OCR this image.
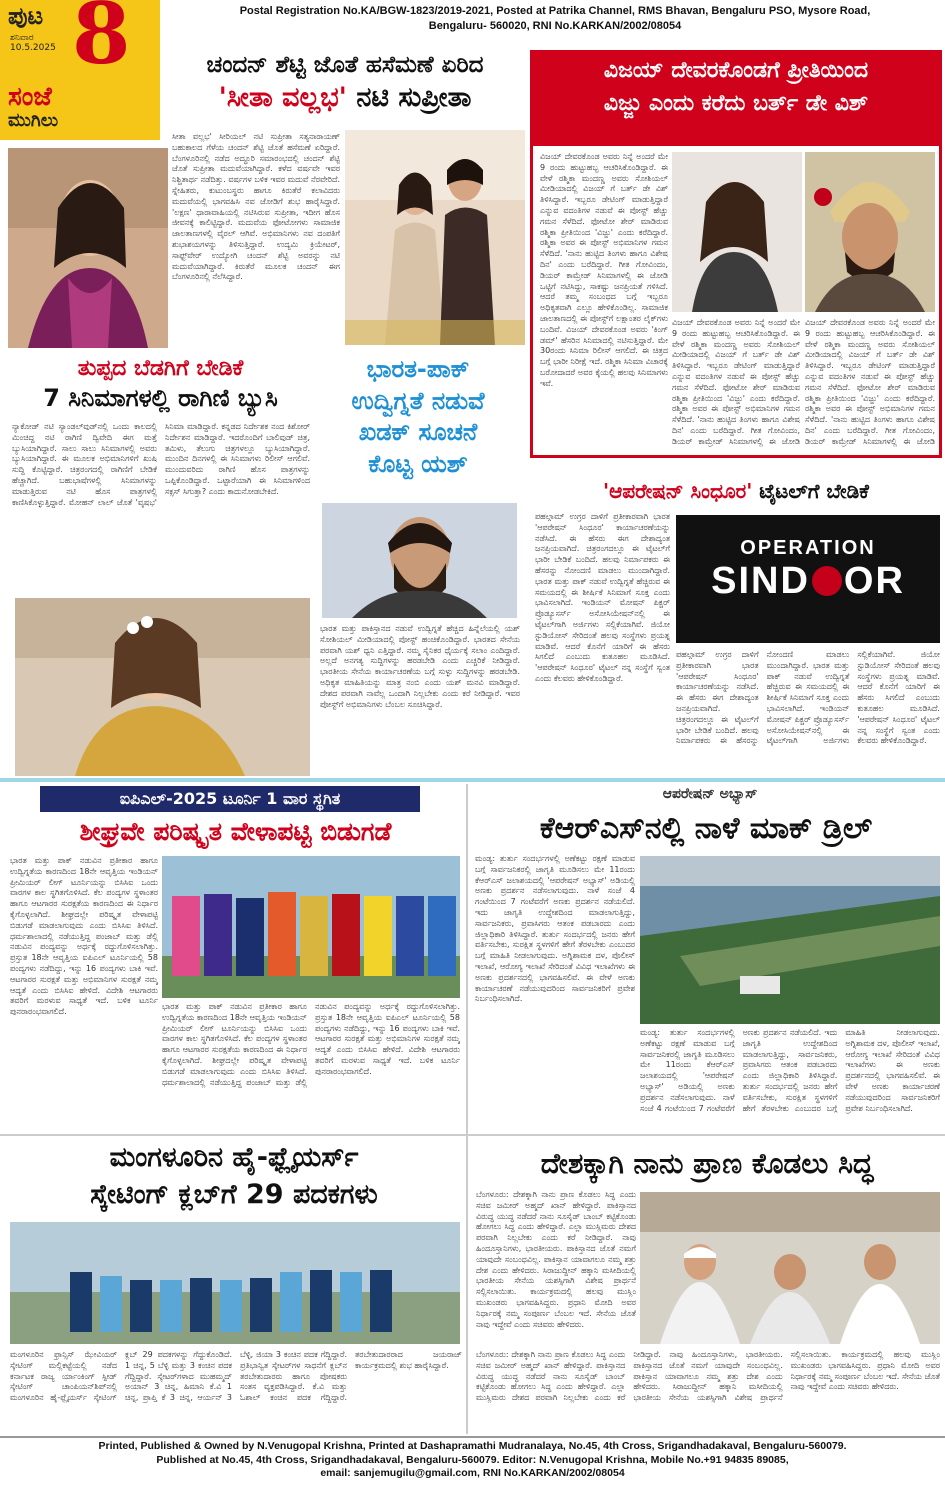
ಪುಟ 8
ಶನಿವಾರ
10.5.2025
ಸಂಜೆ
ಮುಗಿಲು
Postal Registration No.KA/BGW-1823/2019-2021, Posted at Patrika Channel, RMS Bhavan, Bengaluru PSO, Mysore Road,
Bengaluru- 560020, RNI No.KARKAN/2002/08054
ಚಂದನ್ ಶೆಟ್ಟಿ ಜೊತೆ ಹಸೆಮಣೆ ಏರಿದ
'ಸೀತಾ ವಲ್ಲಭ' ನಟಿ ಸುಪ್ರೀತಾ
ಸೀತಾ ವಲ್ಲಭ' ಸೀರಿಯಲ್ ನಟಿ ಸುಪ್ರೀತಾ ಸತ್ಯನಾರಾಯಣ್ ಬಹುಕಾಲದ ಗೆಳೆಯ ಚಂದನ್ ಶೆಟ್ಟಿ ಜೊತೆ ಹಸೆಮಣೆ ಏರಿದ್ದಾರೆ. ಬೆಂಗಳೂರಿನಲ್ಲಿ ನಡೆದ ಅದ್ಧೂರಿ ಸಮಾರಂಭದಲ್ಲಿ ಚಂದನ್ ಶೆಟ್ಟಿ ಜೊತೆ ಸುಪ್ರೀತಾ ಮದುವೆಯಾಗಿದ್ದಾರೆ. ಕಳೆದ ವರ್ಷವೇ ಇವರ ನಿಶ್ಚಿತಾರ್ಥ ನಡೆದಿತ್ತು. ವರ್ಷಗಳ ಬಳಿಕ ಇವರ ಮದುವೆ ನೆರವೇರಿದೆ. ಸ್ನೇಹಿತರು, ಕುಟುಂಬಸ್ಥರು ಹಾಗೂ ಕಿರುತೆರೆ ಕಲಾವಿದರು ಮದುವೆಯಲ್ಲಿ ಭಾಗವಹಿಸಿ ನವ ಜೋಡಿಗೆ ಶುಭ ಹಾರೈಸಿದ್ದಾರೆ. 'ಲಕ್ಷಣ' ಧಾರಾವಾಹಿಯಲ್ಲಿ ನಟಿಸಿರುವ ಸುಪ್ರೀತಾ, ಇದೀಗ ಹೊಸ ಜೀವನಕ್ಕೆ ಕಾಲಿಟ್ಟಿದ್ದಾರೆ. ಮದುವೆಯ ಫೋಟೋಗಳು ಸಾಮಾಜಿಕ ಜಾಲತಾಣಗಳಲ್ಲಿ ವೈರಲ್ ಆಗಿವೆ. ಅಭಿಮಾನಿಗಳು ನವ ದಂಪತಿಗೆ ಶುಭಾಶಯಗಳನ್ನು ತಿಳಿಸುತ್ತಿದ್ದಾರೆ. ಉದ್ಯಮಿ ಕ್ರಿಯೇಟರ್, ಸಾಫ್ಟ್‌ವೇರ್ ಉದ್ಯೋಗಿ ಚಂದನ್ ಶೆಟ್ಟಿ ಅವರನ್ನು ನಟಿ ಮದುವೆಯಾಗಿದ್ದಾರೆ. ಕಿರುತೆರೆ ಮೂಲಕ ಚಂದನ್ ಈಗ ಬೆಂಗಳೂರಿನಲ್ಲಿ ನೆಲೆಸಿದ್ದಾರೆ.
ವಿಜಯ್ ದೇವರಕೊಂಡಗೆ ಪ್ರೀತಿಯಿಂದ
ವಿಜ್ಜು ಎಂದು ಕರೆದು ಬರ್ತ್ ಡೇ ವಿಶ್
ವಿಜಯ್ ದೇವರಕೊಂಡ ಅವರು ನಿನ್ನೆ ಅಂದರೆ ಮೇ 9 ರಂದು ಹುಟ್ಟುಹಬ್ಬ ಆಚರಿಸಿಕೊಂಡಿದ್ದಾರೆ. ಈ ವೇಳೆ ರಶ್ಮಿಕಾ ಮಂದಣ್ಣ ಅವರು ಸೋಶಿಯಲ್ ಮೀಡಿಯಾದಲ್ಲಿ ವಿಜಯ್ ಗೆ ಬರ್ತ್ ಡೇ ವಿಶ್ ತಿಳಿಸಿದ್ದಾರೆ. ಇಬ್ಬರೂ ಡೇಟಿಂಗ್ ಮಾಡುತ್ತಿದ್ದಾರೆ ಎನ್ನುವ ವದಂತಿಗಳ ನಡುವೆ ಈ ಪೋಸ್ಟ್ ಹೆಚ್ಚು ಗಮನ ಸೆಳೆದಿದೆ. ಫೋಟೋ ಶೇರ್ ಮಾಡಿರುವ ರಶ್ಮಿಕಾ ಪ್ರೀತಿಯಿಂದ 'ವಿಜ್ಜು' ಎಂದು ಕರೆದಿದ್ದಾರೆ. ರಶ್ಮಿಕಾ ಅವರ ಈ ಪೋಸ್ಟ್ ಅಭಿಮಾನಿಗಳ ಗಮನ ಸೆಳೆದಿದೆ. 'ನಾನು ಹುಟ್ಟಿದ ತಿಂಗಳು ಹಾಗೂ ವಿಶೇಷ ದಿನ' ಎಂದು ಬರೆದಿದ್ದಾರೆ. ಗೀತ ಗೋವಿಂದಂ, ಡಿಯರ್ ಕಾಮ್ರೇಡ್ ಸಿನಿಮಾಗಳಲ್ಲಿ ಈ ಜೋಡಿ ಒಟ್ಟಿಗೆ ನಟಿಸಿದ್ದು, ಸಾಕಷ್ಟು ಜನಪ್ರಿಯತೆ ಗಳಿಸಿದೆ. ಆದರೆ ತಮ್ಮ ಸಂಬಂಧದ ಬಗ್ಗೆ ಇಬ್ಬರೂ ಅಧಿಕೃತವಾಗಿ ಎಲ್ಲೂ ಹೇಳಿಕೊಂಡಿಲ್ಲ. ಸಾಮಾಜಿಕ ಜಾಲತಾಣದಲ್ಲಿ ಈ ಪೋಸ್ಟ್‌ಗೆ ಲಕ್ಷಾಂತರ ಲೈಕ್‌ಗಳು ಬಂದಿವೆ. ವಿಜಯ್ ದೇವರಕೊಂಡ ಅವರು 'ಕಿಂಗ್ ಡಮ್' ಹೆಸರಿನ ಸಿನಿಮಾದಲ್ಲಿ ನಟಿಸುತ್ತಿದ್ದಾರೆ. ಮೇ 30ರಂದು ಸಿನಿಮಾ ರಿಲೀಸ್ ಆಗಲಿದೆ. ಈ ಚಿತ್ರದ ಬಗ್ಗೆ ಭಾರೀ ನಿರೀಕ್ಷೆ ಇದೆ. ರಶ್ಮಿಕಾ ಸಿನಿಮಾ ವಿಚಾರಕ್ಕೆ ಬರೋದಾದರೆ ಅವರ ಕೈಯಲ್ಲಿ ಹಲವು ಸಿನಿಮಾಗಳು ಇವೆ.
ವಿಜಯ್ ದೇವರಕೊಂಡ ಅವರು ನಿನ್ನೆ ಅಂದರೆ ಮೇ 9 ರಂದು ಹುಟ್ಟುಹಬ್ಬ ಆಚರಿಸಿಕೊಂಡಿದ್ದಾರೆ. ಈ ವೇಳೆ ರಶ್ಮಿಕಾ ಮಂದಣ್ಣ ಅವರು ಸೋಶಿಯಲ್ ಮೀಡಿಯಾದಲ್ಲಿ ವಿಜಯ್ ಗೆ ಬರ್ತ್ ಡೇ ವಿಶ್ ತಿಳಿಸಿದ್ದಾರೆ. ಇಬ್ಬರೂ ಡೇಟಿಂಗ್ ಮಾಡುತ್ತಿದ್ದಾರೆ ಎನ್ನುವ ವದಂತಿಗಳ ನಡುವೆ ಈ ಪೋಸ್ಟ್ ಹೆಚ್ಚು ಗಮನ ಸೆಳೆದಿದೆ. ಫೋಟೋ ಶೇರ್ ಮಾಡಿರುವ ರಶ್ಮಿಕಾ ಪ್ರೀತಿಯಿಂದ 'ವಿಜ್ಜು' ಎಂದು ಕರೆದಿದ್ದಾರೆ. ರಶ್ಮಿಕಾ ಅವರ ಈ ಪೋಸ್ಟ್ ಅಭಿಮಾನಿಗಳ ಗಮನ ಸೆಳೆದಿದೆ. 'ನಾನು ಹುಟ್ಟಿದ ತಿಂಗಳು ಹಾಗೂ ವಿಶೇಷ ದಿನ' ಎಂದು ಬರೆದಿದ್ದಾರೆ. ಗೀತ ಗೋವಿಂದಂ, ಡಿಯರ್ ಕಾಮ್ರೇಡ್ ಸಿನಿಮಾಗಳಲ್ಲಿ ಈ ಜೋಡಿ
ವಿಜಯ್ ದೇವರಕೊಂಡ ಅವರು ನಿನ್ನೆ ಅಂದರೆ ಮೇ 9 ರಂದು ಹುಟ್ಟುಹಬ್ಬ ಆಚರಿಸಿಕೊಂಡಿದ್ದಾರೆ. ಈ ವೇಳೆ ರಶ್ಮಿಕಾ ಮಂದಣ್ಣ ಅವರು ಸೋಶಿಯಲ್ ಮೀಡಿಯಾದಲ್ಲಿ ವಿಜಯ್ ಗೆ ಬರ್ತ್ ಡೇ ವಿಶ್ ತಿಳಿಸಿದ್ದಾರೆ. ಇಬ್ಬರೂ ಡೇಟಿಂಗ್ ಮಾಡುತ್ತಿದ್ದಾರೆ ಎನ್ನುವ ವದಂತಿಗಳ ನಡುವೆ ಈ ಪೋಸ್ಟ್ ಹೆಚ್ಚು ಗಮನ ಸೆಳೆದಿದೆ. ಫೋಟೋ ಶೇರ್ ಮಾಡಿರುವ ರಶ್ಮಿಕಾ ಪ್ರೀತಿಯಿಂದ 'ವಿಜ್ಜು' ಎಂದು ಕರೆದಿದ್ದಾರೆ. ರಶ್ಮಿಕಾ ಅವರ ಈ ಪೋಸ್ಟ್ ಅಭಿಮಾನಿಗಳ ಗಮನ ಸೆಳೆದಿದೆ. 'ನಾನು ಹುಟ್ಟಿದ ತಿಂಗಳು ಹಾಗೂ ವಿಶೇಷ ದಿನ' ಎಂದು ಬರೆದಿದ್ದಾರೆ. ಗೀತ ಗೋವಿಂದಂ, ಡಿಯರ್ ಕಾಮ್ರೇಡ್ ಸಿನಿಮಾಗಳಲ್ಲಿ ಈ ಜೋಡಿ
ತುಪ್ಪದ ಬೆಡಗಿಗೆ ಬೇಡಿಕೆ
7 ಸಿನಿಮಾಗಳಲ್ಲಿ ರಾಗಿಣಿ ಬ್ಯುಸಿ
ನ್ಯಾಕೋಡ್‌ ನಟಿ ಸ್ಯಾಂಡಲ್‌ವುಡ್‌ನಲ್ಲಿ ಒಂದು ಕಾಲದಲ್ಲಿ ಮಿಂಚಿದ್ದ ನಟಿ ರಾಗಿಣಿ ದ್ವಿವೇದಿ ಈಗ ಮತ್ತೆ ಬ್ಯುಸಿಯಾಗಿದ್ದಾರೆ. ಸಾಲು ಸಾಲು ಸಿನಿಮಾಗಳಲ್ಲಿ ಅವರು ಬ್ಯುಸಿಯಾಗಿದ್ದಾರೆ. ಈ ಮೂಲಕ ಅಭಿಮಾನಿಗಳಿಗೆ ಖುಷಿ ಸುದ್ದಿ ಕೊಟ್ಟಿದ್ದಾರೆ. ಚಿತ್ರರಂಗದಲ್ಲಿ ರಾಗಿಣಿಗೆ ಬೇಡಿಕೆ ಹೆಚ್ಚಾಗಿದೆ. ಬಹುಭಾಷೆಗಳಲ್ಲಿ ಸಿನಿಮಾಗಳನ್ನು ಮಾಡುತ್ತಿರುವ ನಟಿ ಹೊಸ ಪಾತ್ರಗಳಲ್ಲಿ ಕಾಣಿಸಿಕೊಳ್ಳುತ್ತಿದ್ದಾರೆ. ಮೋಹನ್ ಲಾಲ್ ಜೊತೆ 'ವೃಷಭ' ಸಿನಿಮಾ ಮಾಡಿದ್ದಾರೆ. ಕನ್ನಡದ ನಿರ್ದೇಶಕ ನಂದ ಕಿಶೋರ್ ನಿರ್ದೇಶನ ಮಾಡಿದ್ದಾರೆ. ಇದರೊಂದಿಗೆ ಬಾಲಿವುಡ್ ಚಿತ್ರ, ತಮಿಳು, ತೆಲುಗು ಚಿತ್ರಗಳಲ್ಲೂ ಬ್ಯುಸಿಯಾಗಿದ್ದಾರೆ. ಮುಂದಿನ ದಿನಗಳಲ್ಲಿ ಈ ಸಿನಿಮಾಗಳು ರಿಲೀಸ್ ಆಗಲಿವೆ. ಮುಂದುವರಿದು ರಾಗಿಣಿ ಹೊಸ ಪಾತ್ರಗಳನ್ನು ಒಪ್ಪಿಕೊಂಡಿದ್ದಾರೆ. ಒಟ್ಟಾರೆಯಾಗಿ ಈ ಸಿನಿಮಾಗಳಿಂದ ಸಕ್ಸಸ್ ಸಿಗುತ್ತಾ? ಎಂದು ಕಾದುನೋಡಬೇಕಿದೆ.
ಭಾರತ-ಪಾಕ್
ಉದ್ವಿಗ್ನತೆ ನಡುವೆ
ಖಡಕ್ ಸೂಚನೆ
ಕೊಟ್ಟ ಯಶ್
ಭಾರತ ಮತ್ತು ಪಾಕಿಸ್ತಾನದ ನಡುವೆ ಉದ್ವಿಗ್ನತೆ ಹೆಚ್ಚಿದ ಹಿನ್ನೆಲೆಯಲ್ಲಿ ಯಶ್ ಸೋಶಿಯಲ್ ಮೀಡಿಯಾದಲ್ಲಿ ಪೋಸ್ಟ್ ಹಂಚಿಕೊಂಡಿದ್ದಾರೆ. ಭಾರತದ ಸೇನೆಯ ಪರವಾಗಿ ಯಶ್ ಧ್ವನಿ ಎತ್ತಿದ್ದಾರೆ. ನಮ್ಮ ಸೈನಿಕರ ಧೈರ್ಯಕ್ಕೆ ಸಲಾಂ ಎಂದಿದ್ದಾರೆ. ಅಲ್ಲದೆ ಅನಗತ್ಯ ಸುದ್ದಿಗಳನ್ನು ಹರಡಬೇಡಿ ಎಂದು ಎಚ್ಚರಿಕೆ ನೀಡಿದ್ದಾರೆ. ಭಾರತೀಯ ಸೇನೆಯ ಕಾರ್ಯಾಚರಣೆಯ ಬಗ್ಗೆ ಸುಳ್ಳು ಸುದ್ದಿಗಳನ್ನು ಹರಡಬೇಡಿ. ಅಧಿಕೃತ ಮಾಹಿತಿಯನ್ನು ಮಾತ್ರ ನಂಬಿ ಎಂದು ಯಶ್ ಮನವಿ ಮಾಡಿದ್ದಾರೆ. ದೇಶದ ಪರವಾಗಿ ನಾವೆಲ್ಲ ಒಂದಾಗಿ ನಿಲ್ಲಬೇಕು ಎಂದು ಕರೆ ನೀಡಿದ್ದಾರೆ. ಇವರ ಪೋಸ್ಟ್‌ಗೆ ಅಭಿಮಾನಿಗಳು ಬೆಂಬಲ ಸೂಚಿಸಿದ್ದಾರೆ.
'ಆಪರೇಷನ್ ಸಿಂಧೂರ' ಟೈಟಲ್‌ಗೆ ಬೇಡಿಕೆ
ಪಹಲ್ಗಾಮ್ ಉಗ್ರರ ದಾಳಿಗೆ ಪ್ರತೀಕಾರವಾಗಿ ಭಾರತ 'ಆಪರೇಷನ್ ಸಿಂಧೂರ' ಕಾರ್ಯಾಚರಣೆಯನ್ನು ನಡೆಸಿದೆ. ಈ ಹೆಸರು ಈಗ ದೇಶಾದ್ಯಂತ ಜನಪ್ರಿಯವಾಗಿದೆ. ಚಿತ್ರರಂಗದಲ್ಲೂ ಈ ಟೈಟಲ್‌ಗೆ ಭಾರೀ ಬೇಡಿಕೆ ಬಂದಿದೆ. ಹಲವು ನಿರ್ಮಾಪಕರು ಈ ಹೆಸರನ್ನು ನೋಂದಣಿ ಮಾಡಲು ಮುಂದಾಗಿದ್ದಾರೆ. ಭಾರತ ಮತ್ತು ಪಾಕ್ ನಡುವೆ ಉದ್ವಿಗ್ನತೆ ಹೆಚ್ಚಿರುವ ಈ ಸಮಯದಲ್ಲಿ ಈ ಶೀರ್ಷಿಕೆ ಸಿನಿಮಾಗೆ ಸೂಕ್ತ ಎಂದು ಭಾವಿಸಲಾಗಿದೆ. ಇಂಡಿಯನ್ ಮೋಷನ್ ಪಿಕ್ಚರ್ ಪ್ರೊಡ್ಯೂಸರ್ಸ್ ಅಸೋಸಿಯೇಷನ್‌ನಲ್ಲಿ ಈ ಟೈಟಲ್‌ಗಾಗಿ ಅರ್ಜಿಗಳು ಸಲ್ಲಿಕೆಯಾಗಿವೆ. ಜಿಯೋ ಸ್ಟುಡಿಯೋಸ್ ಸೇರಿದಂತೆ ಹಲವು ಸಂಸ್ಥೆಗಳು ಪ್ರಯತ್ನ ಮಾಡಿವೆ. ಆದರೆ ಕೊನೆಗೆ ಯಾರಿಗೆ ಈ ಹೆಸರು ಸಿಗಲಿದೆ ಎಂಬುದು ಕುತೂಹಲ ಮೂಡಿಸಿದೆ. 'ಆಪರೇಷನ್ ಸಿಂಧೂರ' ಟೈಟಲ್ ನನ್ನ ಸಂಸ್ಥೆಗೆ ಸ್ವಂತ ಎಂದು ಕೆಲವರು ಹೇಳಿಕೊಂಡಿದ್ದಾರೆ.
OPERATION
SIND OR
ಪಹಲ್ಗಾಮ್ ಉಗ್ರರ ದಾಳಿಗೆ ಪ್ರತೀಕಾರವಾಗಿ ಭಾರತ 'ಆಪರೇಷನ್ ಸಿಂಧೂರ' ಕಾರ್ಯಾಚರಣೆಯನ್ನು ನಡೆಸಿದೆ. ಈ ಹೆಸರು ಈಗ ದೇಶಾದ್ಯಂತ ಜನಪ್ರಿಯವಾಗಿದೆ. ಚಿತ್ರರಂಗದಲ್ಲೂ ಈ ಟೈಟಲ್‌ಗೆ ಭಾರೀ ಬೇಡಿಕೆ ಬಂದಿದೆ. ಹಲವು ನಿರ್ಮಾಪಕರು ಈ ಹೆಸರನ್ನು ನೋಂದಣಿ ಮಾಡಲು ಮುಂದಾಗಿದ್ದಾರೆ. ಭಾರತ ಮತ್ತು ಪಾಕ್ ನಡುವೆ ಉದ್ವಿಗ್ನತೆ ಹೆಚ್ಚಿರುವ ಈ ಸಮಯದಲ್ಲಿ ಈ ಶೀರ್ಷಿಕೆ ಸಿನಿಮಾಗೆ ಸೂಕ್ತ ಎಂದು ಭಾವಿಸಲಾಗಿದೆ. ಇಂಡಿಯನ್ ಮೋಷನ್ ಪಿಕ್ಚರ್ ಪ್ರೊಡ್ಯೂಸರ್ಸ್ ಅಸೋಸಿಯೇಷನ್‌ನಲ್ಲಿ ಈ ಟೈಟಲ್‌ಗಾಗಿ ಅರ್ಜಿಗಳು ಸಲ್ಲಿಕೆಯಾಗಿವೆ. ಜಿಯೋ ಸ್ಟುಡಿಯೋಸ್ ಸೇರಿದಂತೆ ಹಲವು ಸಂಸ್ಥೆಗಳು ಪ್ರಯತ್ನ ಮಾಡಿವೆ. ಆದರೆ ಕೊನೆಗೆ ಯಾರಿಗೆ ಈ ಹೆಸರು ಸಿಗಲಿದೆ ಎಂಬುದು ಕುತೂಹಲ ಮೂಡಿಸಿದೆ. 'ಆಪರೇಷನ್ ಸಿಂಧೂರ' ಟೈಟಲ್ ನನ್ನ ಸಂಸ್ಥೆಗೆ ಸ್ವಂತ ಎಂದು ಕೆಲವರು ಹೇಳಿಕೊಂಡಿದ್ದಾರೆ.
ಐಪಿಎಲ್-2025 ಟೂರ್ನಿ 1 ವಾರ ಸ್ಥಗಿತ
ಶೀಘ್ರವೇ ಪರಿಷ್ಕೃತ ವೇಳಾಪಟ್ಟಿ ಬಿಡುಗಡೆ
ಭಾರತ ಮತ್ತು ಪಾಕ್ ನಡುವಿನ ಪ್ರತೀಕಾರ ಹಾಗೂ ಉದ್ವಿಗ್ನತೆಯ ಕಾರಣದಿಂದ 18ನೇ ಆವೃತ್ತಿಯ ಇಂಡಿಯನ್ ಪ್ರೀಮಿಯರ್ ಲೀಗ್ ಟೂರ್ನಿಯನ್ನು ಬಿಸಿಸಿಐ ಒಂದು ವಾರಗಳ ಕಾಲ ಸ್ಥಗಿತಗೊಳಿಸಿದೆ. ಕೆಲ ಪಂದ್ಯಗಳ ಸ್ಥಳಾಂತರ ಹಾಗೂ ಆಟಗಾರರ ಸುರಕ್ಷತೆಯ ಕಾರಣದಿಂದ ಈ ನಿರ್ಧಾರ ಕೈಗೊಳ್ಳಲಾಗಿದೆ. ಶೀಘ್ರದಲ್ಲೇ ಪರಿಷ್ಕೃತ ವೇಳಾಪಟ್ಟಿ ಬಿಡುಗಡೆ ಮಾಡಲಾಗುವುದು ಎಂದು ಬಿಸಿಸಿಐ ತಿಳಿಸಿದೆ. ಧರ್ಮಶಾಲಾದಲ್ಲಿ ನಡೆಯುತ್ತಿದ್ದ ಪಂಜಾಬ್ ಮತ್ತು ಡೆಲ್ಲಿ ನಡುವಿನ ಪಂದ್ಯವನ್ನು ಅರ್ಧಕ್ಕೆ ರದ್ದುಗೊಳಿಸಲಾಗಿತ್ತು. ಪ್ರಸ್ತುತ 18ನೇ ಆವೃತ್ತಿಯ ಐಪಿಎಲ್ ಟೂರ್ನಿಯಲ್ಲಿ 58 ಪಂದ್ಯಗಳು ನಡೆದಿದ್ದು, ಇನ್ನು 16 ಪಂದ್ಯಗಳು ಬಾಕಿ ಇವೆ. ಆಟಗಾರರ ಸುರಕ್ಷತೆ ಮತ್ತು ಅಭಿಮಾನಿಗಳ ಸುರಕ್ಷತೆ ನಮ್ಮ ಆದ್ಯತೆ ಎಂದು ಬಿಸಿಸಿಐ ಹೇಳಿದೆ. ವಿದೇಶಿ ಆಟಗಾರರು ತವರಿಗೆ ಮರಳುವ ಸಾಧ್ಯತೆ ಇದೆ. ಬಳಿಕ ಟೂರ್ನಿ ಪುನರಾರಂಭವಾಗಲಿದೆ.
ಭಾರತ ಮತ್ತು ಪಾಕ್ ನಡುವಿನ ಪ್ರತೀಕಾರ ಹಾಗೂ ಉದ್ವಿಗ್ನತೆಯ ಕಾರಣದಿಂದ 18ನೇ ಆವೃತ್ತಿಯ ಇಂಡಿಯನ್ ಪ್ರೀಮಿಯರ್ ಲೀಗ್ ಟೂರ್ನಿಯನ್ನು ಬಿಸಿಸಿಐ ಒಂದು ವಾರಗಳ ಕಾಲ ಸ್ಥಗಿತಗೊಳಿಸಿದೆ. ಕೆಲ ಪಂದ್ಯಗಳ ಸ್ಥಳಾಂತರ ಹಾಗೂ ಆಟಗಾರರ ಸುರಕ್ಷತೆಯ ಕಾರಣದಿಂದ ಈ ನಿರ್ಧಾರ ಕೈಗೊಳ್ಳಲಾಗಿದೆ. ಶೀಘ್ರದಲ್ಲೇ ಪರಿಷ್ಕೃತ ವೇಳಾಪಟ್ಟಿ ಬಿಡುಗಡೆ ಮಾಡಲಾಗುವುದು ಎಂದು ಬಿಸಿಸಿಐ ತಿಳಿಸಿದೆ. ಧರ್ಮಶಾಲಾದಲ್ಲಿ ನಡೆಯುತ್ತಿದ್ದ ಪಂಜಾಬ್ ಮತ್ತು ಡೆಲ್ಲಿ ನಡುವಿನ ಪಂದ್ಯವನ್ನು ಅರ್ಧಕ್ಕೆ ರದ್ದುಗೊಳಿಸಲಾಗಿತ್ತು. ಪ್ರಸ್ತುತ 18ನೇ ಆವೃತ್ತಿಯ ಐಪಿಎಲ್ ಟೂರ್ನಿಯಲ್ಲಿ 58 ಪಂದ್ಯಗಳು ನಡೆದಿದ್ದು, ಇನ್ನು 16 ಪಂದ್ಯಗಳು ಬಾಕಿ ಇವೆ. ಆಟಗಾರರ ಸುರಕ್ಷತೆ ಮತ್ತು ಅಭಿಮಾನಿಗಳ ಸುರಕ್ಷತೆ ನಮ್ಮ ಆದ್ಯತೆ ಎಂದು ಬಿಸಿಸಿಐ ಹೇಳಿದೆ. ವಿದೇಶಿ ಆಟಗಾರರು ತವರಿಗೆ ಮರಳುವ ಸಾಧ್ಯತೆ ಇದೆ. ಬಳಿಕ ಟೂರ್ನಿ ಪುನರಾರಂಭವಾಗಲಿದೆ.
ಆಪರೇಷನ್ ಅಭ್ಯಾಸ್
ಕೆಆರ್‌ಎಸ್‌ನಲ್ಲಿ ನಾಳೆ ಮಾಕ್ ಡ್ರಿಲ್
ಮಂಡ್ಯ: ತುರ್ತು ಸಂದರ್ಭಗಳಲ್ಲಿ ಅಣೆಕಟ್ಟು ರಕ್ಷಣೆ ಮಾಡುವ ಬಗ್ಗೆ ಸಾರ್ವಜನಿಕರಲ್ಲಿ ಜಾಗೃತಿ ಮೂಡಿಸಲು ಮೇ 11ರಂದು ಕೆಆರ್‌ಎಸ್ ಜಲಾಶಯದಲ್ಲಿ 'ಆಪರೇಷನ್ ಅಭ್ಯಾಸ್' ಅಡಿಯಲ್ಲಿ ಅಣಕು ಪ್ರದರ್ಶನ ನಡೆಸಲಾಗುವುದು. ನಾಳೆ ಸಂಜೆ 4 ಗಂಟೆಯಿಂದ 7 ಗಂಟೆವರೆಗೆ ಅಣಕು ಪ್ರದರ್ಶನ ನಡೆಯಲಿದೆ. ಇದು ಜಾಗೃತಿ ಉದ್ದೇಶದಿಂದ ಮಾಡಲಾಗುತ್ತಿದ್ದು, ಸಾರ್ವಜನಿಕರು, ಪ್ರವಾಸಿಗರು ಆತಂಕ ಪಡಬಾರದು ಎಂದು ಜಿಲ್ಲಾಧಿಕಾರಿ ತಿಳಿಸಿದ್ದಾರೆ. ತುರ್ತು ಸಂದರ್ಭದಲ್ಲಿ ಜನರು ಹೇಗೆ ವರ್ತಿಸಬೇಕು, ಸುರಕ್ಷಿತ ಸ್ಥಳಗಳಿಗೆ ಹೇಗೆ ತೆರಳಬೇಕು ಎಂಬುದರ ಬಗ್ಗೆ ಮಾಹಿತಿ ನೀಡಲಾಗುವುದು. ಅಗ್ನಿಶಾಮಕ ದಳ, ಪೊಲೀಸ್ ಇಲಾಖೆ, ಆರೋಗ್ಯ ಇಲಾಖೆ ಸೇರಿದಂತೆ ವಿವಿಧ ಇಲಾಖೆಗಳು ಈ ಅಣಕು ಪ್ರದರ್ಶನದಲ್ಲಿ ಭಾಗವಹಿಸಲಿವೆ. ಈ ವೇಳೆ ಅಣಕು ಕಾರ್ಯಾಚರಣೆ ನಡೆಯುವುದರಿಂದ ಸಾರ್ವಜನಿಕರಿಗೆ ಪ್ರವೇಶ ನಿರ್ಬಂಧಿಸಲಾಗಿದೆ.
ಮಂಡ್ಯ: ತುರ್ತು ಸಂದರ್ಭಗಳಲ್ಲಿ ಅಣೆಕಟ್ಟು ರಕ್ಷಣೆ ಮಾಡುವ ಬಗ್ಗೆ ಸಾರ್ವಜನಿಕರಲ್ಲಿ ಜಾಗೃತಿ ಮೂಡಿಸಲು ಮೇ 11ರಂದು ಕೆಆರ್‌ಎಸ್ ಜಲಾಶಯದಲ್ಲಿ 'ಆಪರೇಷನ್ ಅಭ್ಯಾಸ್' ಅಡಿಯಲ್ಲಿ ಅಣಕು ಪ್ರದರ್ಶನ ನಡೆಸಲಾಗುವುದು. ನಾಳೆ ಸಂಜೆ 4 ಗಂಟೆಯಿಂದ 7 ಗಂಟೆವರೆಗೆ ಅಣಕು ಪ್ರದರ್ಶನ ನಡೆಯಲಿದೆ. ಇದು ಜಾಗೃತಿ ಉದ್ದೇಶದಿಂದ ಮಾಡಲಾಗುತ್ತಿದ್ದು, ಸಾರ್ವಜನಿಕರು, ಪ್ರವಾಸಿಗರು ಆತಂಕ ಪಡಬಾರದು ಎಂದು ಜಿಲ್ಲಾಧಿಕಾರಿ ತಿಳಿಸಿದ್ದಾರೆ. ತುರ್ತು ಸಂದರ್ಭದಲ್ಲಿ ಜನರು ಹೇಗೆ ವರ್ತಿಸಬೇಕು, ಸುರಕ್ಷಿತ ಸ್ಥಳಗಳಿಗೆ ಹೇಗೆ ತೆರಳಬೇಕು ಎಂಬುದರ ಬಗ್ಗೆ ಮಾಹಿತಿ ನೀಡಲಾಗುವುದು. ಅಗ್ನಿಶಾಮಕ ದಳ, ಪೊಲೀಸ್ ಇಲಾಖೆ, ಆರೋಗ್ಯ ಇಲಾಖೆ ಸೇರಿದಂತೆ ವಿವಿಧ ಇಲಾಖೆಗಳು ಈ ಅಣಕು ಪ್ರದರ್ಶನದಲ್ಲಿ ಭಾಗವಹಿಸಲಿವೆ. ಈ ವೇಳೆ ಅಣಕು ಕಾರ್ಯಾಚರಣೆ ನಡೆಯುವುದರಿಂದ ಸಾರ್ವಜನಿಕರಿಗೆ ಪ್ರವೇಶ ನಿರ್ಬಂಧಿಸಲಾಗಿದೆ.
ಮಂಗಳೂರಿನ ಹೈ-ಫ್ಲೈಯರ್ಸ್
ಸ್ಕೇಟಿಂಗ್ ಕ್ಲಬ್‌ಗೆ 29 ಪದಕಗಳು
ಮಂಗಳೂರಿನ ಫ್ರಾನ್ಸಿಸ್ ಝೇವಿಯರ್ ಸ್ಕೇಟಿಂಗ್ ಮಲ್ಲಿಕಟ್ಟೆಯಲ್ಲಿ ನಡೆದ ಕರ್ನಾಟಕ ರಾಜ್ಯ ರ್ಯಾಂಕಿಂಗ್ ಸ್ಪೀಡ್ ಸ್ಕೇಟಿಂಗ್ ಚಾಂಪಿಯನ್‌ಶಿಪ್‌ನಲ್ಲಿ ಮಂಗಳೂರಿನ ಹೈ-ಫ್ಲೈಯರ್ಸ್ ಸ್ಕೇಟಿಂಗ್ ಕ್ಲಬ್ 29 ಪದಕಗಳನ್ನು ಗೆದ್ದುಕೊಂಡಿದೆ. 1 ಚಿನ್ನ, 5 ಬೆಳ್ಳಿ ಮತ್ತು 3 ಕಂಚಿನ ಪದಕ ಗೆದ್ದಿದ್ದಾರೆ. ಸ್ಕೇಟರ್‌ಗಳಾದ ಮುಹಮ್ಮದ್ ಅಯಾನ್ 3 ಚಿನ್ನ, ಹಿಮಾನಿ ಕೆ.ವಿ 1 ಚಿನ್ನ, ಪ್ರಾಪ್ತಿ ಕೆ 3 ಚಿನ್ನ, ಆರ್ಯನ್ 3 ಬೆಳ್ಳಿ, ಜಿಯಾ 3 ಕಂಚಿನ ಪದಕ ಗೆದ್ದಿದ್ದಾರೆ. ಪ್ರತಿಭಾನ್ವಿತ ಸ್ಕೇಟರ್‌ಗಳ ಸಾಧನೆಗೆ ಕ್ಲಬ್‌ನ ತರಬೇತುದಾರರು ಹಾಗೂ ಪೋಷಕರು ಸಂತಸ ವ್ಯಕ್ತಪಡಿಸಿದ್ದಾರೆ. ಕೆ.ವಿ ಮತ್ತು ಓಶಾಲ್ ಕಂಚಿನ ಪದಕ ಗೆದ್ದಿದ್ದಾರೆ. ತರಬೇತುದಾರರಾದ ಜಯರಾಜ್ ಕಾರ್ಯಕ್ರಮದಲ್ಲಿ ಶುಭ ಹಾರೈಸಿದ್ದಾರೆ.
ದೇಶಕ್ಕಾಗಿ ನಾನು ಪ್ರಾಣ ಕೊಡಲು ಸಿದ್ಧ
ಬೆಂಗಳೂರು: ದೇಶಕ್ಕಾಗಿ ನಾನು ಪ್ರಾಣ ಕೊಡಲು ಸಿದ್ಧ ಎಂದು ಸಚಿವ ಜಮೀರ್ ಅಹ್ಮದ್ ಖಾನ್ ಹೇಳಿದ್ದಾರೆ. ಪಾಕಿಸ್ತಾನದ ವಿರುದ್ಧ ಯುದ್ಧ ನಡೆದರೆ ನಾನು ಸೂಸೈಡ್ ಬಾಂಬ್ ಕಟ್ಟಿಕೊಂಡು ಹೋಗಲು ಸಿದ್ಧ ಎಂದು ಹೇಳಿದ್ದಾರೆ. ಎಲ್ಲಾ ಮುಸ್ಲಿಮರು ದೇಶದ ಪರವಾಗಿ ನಿಲ್ಲಬೇಕು ಎಂದು ಕರೆ ನೀಡಿದ್ದಾರೆ. ನಾವು ಹಿಂದೂಸ್ತಾನಿಗಳು, ಭಾರತೀಯರು. ಪಾಕಿಸ್ತಾನದ ಜೊತೆ ನಮಗೆ ಯಾವುದೇ ಸಂಬಂಧವಿಲ್ಲ. ಪಾಕಿಸ್ತಾನ ಯಾವಾಗಲೂ ನಮ್ಮ ಶತ್ರು ದೇಶ ಎಂದು ಹೇಳಿದರು. ಸಿರಾಜುದ್ದೀನ್ ಹಕ್ಕಾನಿ ಮಸೀದಿಯಲ್ಲಿ ಭಾರತೀಯ ಸೇನೆಯ ಯಶಸ್ಸಿಗಾಗಿ ವಿಶೇಷ ಪ್ರಾರ್ಥನೆ ಸಲ್ಲಿಸಲಾಯಿತು. ಕಾರ್ಯಕ್ರಮದಲ್ಲಿ ಹಲವು ಮುಸ್ಲಿಂ ಮುಖಂಡರು ಭಾಗವಹಿಸಿದ್ದರು. ಪ್ರಧಾನಿ ಮೋದಿ ಅವರ ನಿರ್ಧಾರಕ್ಕೆ ನಮ್ಮ ಸಂಪೂರ್ಣ ಬೆಂಬಲ ಇದೆ. ಸೇನೆಯ ಜೊತೆ ನಾವು ಇದ್ದೇವೆ ಎಂದು ಸಚಿವರು ಹೇಳಿದರು.
ಬೆಂಗಳೂರು: ದೇಶಕ್ಕಾಗಿ ನಾನು ಪ್ರಾಣ ಕೊಡಲು ಸಿದ್ಧ ಎಂದು ಸಚಿವ ಜಮೀರ್ ಅಹ್ಮದ್ ಖಾನ್ ಹೇಳಿದ್ದಾರೆ. ಪಾಕಿಸ್ತಾನದ ವಿರುದ್ಧ ಯುದ್ಧ ನಡೆದರೆ ನಾನು ಸೂಸೈಡ್ ಬಾಂಬ್ ಕಟ್ಟಿಕೊಂಡು ಹೋಗಲು ಸಿದ್ಧ ಎಂದು ಹೇಳಿದ್ದಾರೆ. ಎಲ್ಲಾ ಮುಸ್ಲಿಮರು ದೇಶದ ಪರವಾಗಿ ನಿಲ್ಲಬೇಕು ಎಂದು ಕರೆ ನೀಡಿದ್ದಾರೆ. ನಾವು ಹಿಂದೂಸ್ತಾನಿಗಳು, ಭಾರತೀಯರು. ಪಾಕಿಸ್ತಾನದ ಜೊತೆ ನಮಗೆ ಯಾವುದೇ ಸಂಬಂಧವಿಲ್ಲ. ಪಾಕಿಸ್ತಾನ ಯಾವಾಗಲೂ ನಮ್ಮ ಶತ್ರು ದೇಶ ಎಂದು ಹೇಳಿದರು. ಸಿರಾಜುದ್ದೀನ್ ಹಕ್ಕಾನಿ ಮಸೀದಿಯಲ್ಲಿ ಭಾರತೀಯ ಸೇನೆಯ ಯಶಸ್ಸಿಗಾಗಿ ವಿಶೇಷ ಪ್ರಾರ್ಥನೆ ಸಲ್ಲಿಸಲಾಯಿತು. ಕಾರ್ಯಕ್ರಮದಲ್ಲಿ ಹಲವು ಮುಸ್ಲಿಂ ಮುಖಂಡರು ಭಾಗವಹಿಸಿದ್ದರು. ಪ್ರಧಾನಿ ಮೋದಿ ಅವರ ನಿರ್ಧಾರಕ್ಕೆ ನಮ್ಮ ಸಂಪೂರ್ಣ ಬೆಂಬಲ ಇದೆ. ಸೇನೆಯ ಜೊತೆ ನಾವು ಇದ್ದೇವೆ ಎಂದು ಸಚಿವರು ಹೇಳಿದರು.
Printed, Published & Owned by N.Venugopal Krishna, Printed at Dashapramathi Mudranalaya, No.45, 4th Cross, Srigandhadakaval, Bengaluru-560079.
Published at No.45, 4th Cross, Srigandhadakaval, Bengaluru-560079. Editor: N.Venugopal Krishna, Mobile No.+91 94835 89085,
email: sanjemugilu@gmail.com, RNI No.KARKAN/2002/08054
